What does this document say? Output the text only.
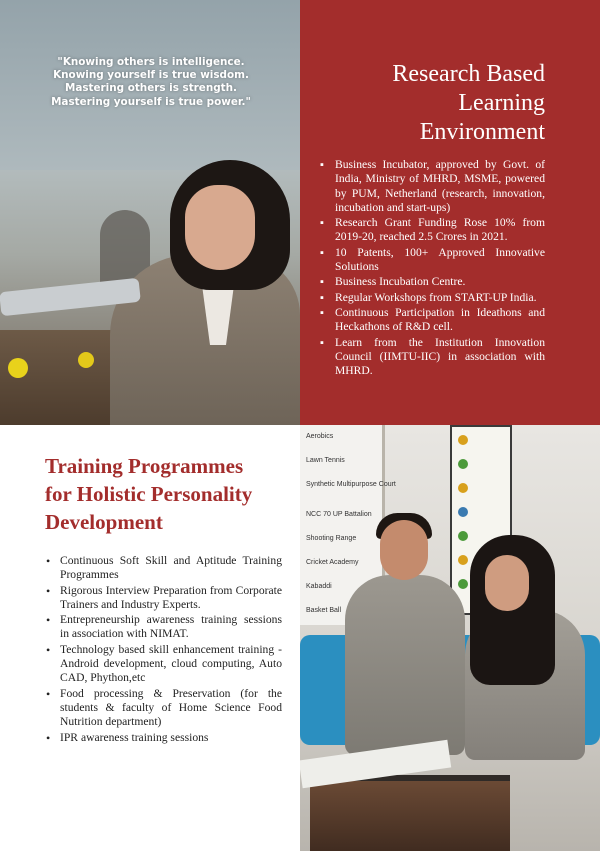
"Knowing others is intelligence.
Knowing yourself is true wisdom.
Mastering others is strength.
Mastering yourself is true power."
Research Based
Learning
Environment
▪ Business Incubator, approved by Govt. of India, Ministry of MHRD, MSME, powered by PUM, Netherland (research, innovation, incubation and start-ups)
▪ Research Grant Funding Rose 10% from 2019-20, reached 2.5 Crores in 2021.
▪ 10 Patents, 100+ Approved Innovative Solutions
▪ Business Incubation Centre.
▪ Regular Workshops from START-UP India.
▪ Continuous Participation in Ideathons and Heckathons of R&D cell.
▪ Learn from the Institution Innovation Council (IIMTU-IIC) in association with MHRD.
Training Programmes
for Holistic Personality
Development
• Continuous Soft Skill and Aptitude Training Programmes
• Rigorous Interview Preparation from Corporate Trainers and Industry Experts.
• Entrepreneurship awareness training sessions in association with NIMAT.
• Technology based skill enhancement training - Android development, cloud computing, Auto CAD, Phython,etc
• Food processing & Preservation (for the students & faculty of Home Science Food Nutrition department)
• IPR awareness training sessions
Aerobics
Lawn Tennis
Synthetic Multipurpose Court
NCC 70 UP Battalion
Shooting Range
Cricket Academy
Kabaddi
Basket Ball
